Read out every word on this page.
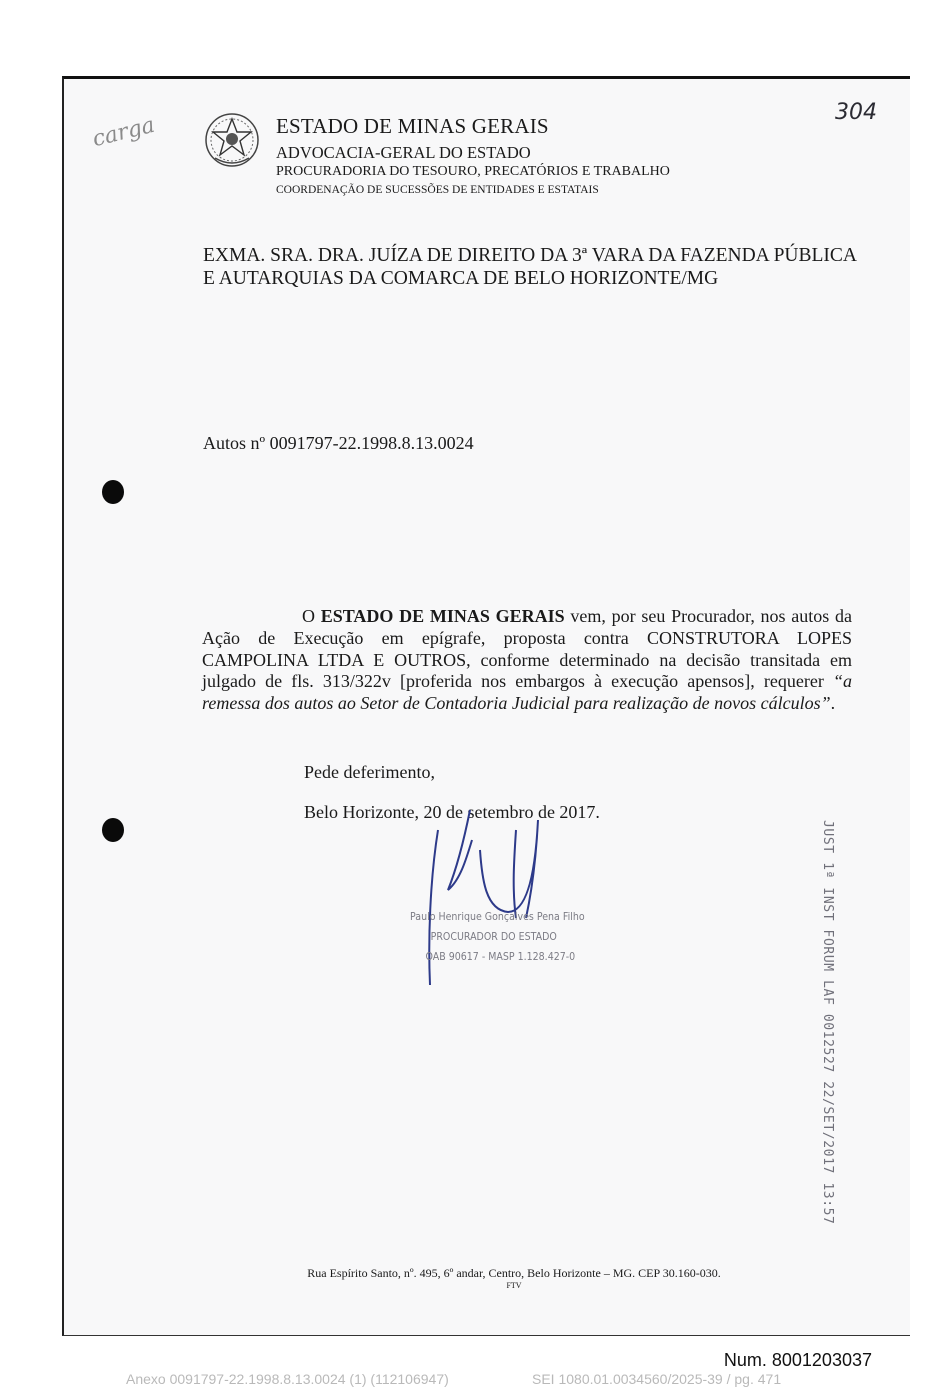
carga
304
ESTADO DE MINAS GERAIS
ADVOCACIA-GERAL DO ESTADO
PROCURADORIA DO TESOURO, PRECATÓRIOS E TRABALHO
COORDENAÇÃO DE SUCESSÕES DE ENTIDADES E ESTATAIS
EXMA. SRA. DRA. JUÍZA DE DIREITO DA 3ª VARA DA FAZENDA PÚBLICA
E AUTARQUIAS DA COMARCA DE BELO HORIZONTE/MG
Autos nº 0091797-22.1998.8.13.0024
O ESTADO DE MINAS GERAIS vem, por seu Procurador, nos autos da Ação de Execução em epígrafe, proposta contra CONSTRUTORA LOPES CAMPOLINA LTDA E OUTROS, conforme determinado na decisão transitada em julgado de fls. 313/322v [proferida nos embargos à execução apensos], requerer “a remessa dos autos ao Setor de Contadoria Judicial para realização de novos cálculos”.
Pede deferimento,
Belo Horizonte, 20 de setembro de 2017.
Paulo Henrique Gonçalves Pena Filho
PROCURADOR DO ESTADO
OAB 90617 - MASP 1.128.427-0	JUST 1ª INST FORUM LAF 0012527 22/SET/2017 13:57
Rua Espírito Santo, nº. 495, 6º andar, Centro, Belo Horizonte – MG. CEP 30.160-030.
FTV
Num. 8001203037
Anexo 0091797-22.1998.8.13.0024 (1) (112106947)	SEI 1080.01.0034560/2025-39 / pg. 471
